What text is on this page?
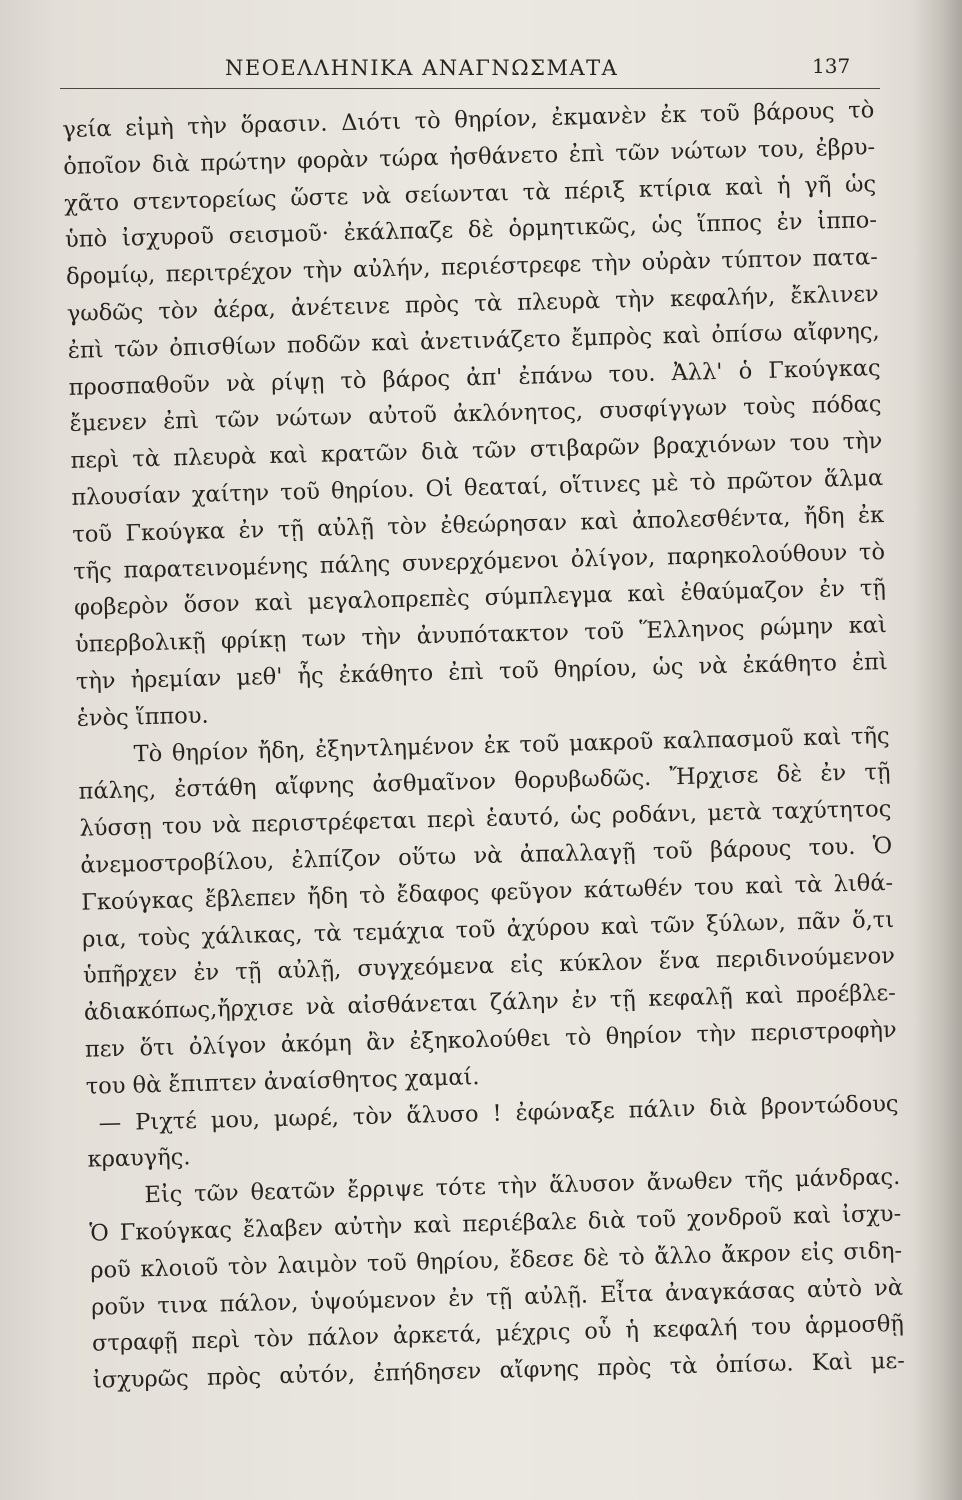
ΝΕΟΕΛΛΗΝΙΚΑ ΑΝΑΓΝΩΣΜΑΤΑ	137
γεία εἰμὴ τὴν ὅρασιν. Διότι τὸ θηρίον, ἐκμανὲν ἐκ τοῦ βάρους τὸ
ὁποῖον διὰ πρώτην φορὰν τώρα ἠσθάνετο ἐπὶ τῶν νώτων του, ἐβρυ-
χᾶτο στεντορείως ὥστε νὰ σείωνται τὰ πέριξ κτίρια καὶ ἡ γῆ ὡς
ὑπὸ ἰσχυροῦ σεισμοῦ· ἐκάλπαζε δὲ ὁρμητικῶς, ὡς ἵππος ἐν ἱππο-
δρομίῳ, περιτρέχον τὴν αὐλήν, περιέστρεφε τὴν οὐρὰν τύπτον πατα-
γωδῶς τὸν ἀέρα, ἀνέτεινε πρὸς τὰ πλευρὰ τὴν κεφαλήν, ἔκλινεν
ἐπὶ τῶν ὀπισθίων ποδῶν καὶ ἀνετινάζετο ἔμπρὸς καὶ ὀπίσω αἴφνης,
προσπαθοῦν νὰ ρίψῃ τὸ βάρος ἀπ' ἐπάνω του. Ἀλλ' ὁ Γκούγκας
ἔμενεν ἐπὶ τῶν νώτων αὐτοῦ ἀκλόνητος, συσφίγγων τοὺς πόδας
περὶ τὰ πλευρὰ καὶ κρατῶν διὰ τῶν στιβαρῶν βραχιόνων του τὴν
πλουσίαν χαίτην τοῦ θηρίου. Οἱ θεαταί, οἵτινες μὲ τὸ πρῶτον ἅλμα
τοῦ Γκούγκα ἐν τῇ αὐλῇ τὸν ἐθεώρησαν καὶ ἀπολεσθέντα, ἤδη ἐκ
τῆς παρατεινομένης πάλης συνερχόμενοι ὀλίγον, παρηκολούθουν τὸ
φοβερὸν ὅσον καὶ μεγαλοπρεπὲς σύμπλεγμα καὶ ἐθαύμαζον ἐν τῇ
ὑπερβολικῇ φρίκῃ των τὴν ἀνυπότακτον τοῦ Ἕλληνος ρώμην καὶ
τὴν ἠρεμίαν μεθ' ἧς ἐκάθητο ἐπὶ τοῦ θηρίου, ὡς νὰ ἐκάθητο ἐπὶ
ἑνὸς ἵππου.
Τὸ θηρίον ἤδη, ἐξηντλημένον ἐκ τοῦ μακροῦ καλπασμοῦ καὶ τῆς
πάλης, ἐστάθη αἴφνης ἀσθμαῖνον θορυβωδῶς. Ἤρχισε δὲ ἐν τῇ
λύσσῃ του νὰ περιστρέφεται περὶ ἑαυτό, ὡς ροδάνι, μετὰ ταχύτητος
ἀνεμοστροβίλου, ἐλπίζον οὕτω νὰ ἀπαλλαγῇ τοῦ βάρους του. Ὁ
Γκούγκας ἔβλεπεν ἤδη τὸ ἔδαφος φεῦγον κάτωθέν του καὶ τὰ λιθά-
ρια, τοὺς χάλικας, τὰ τεμάχια τοῦ ἀχύρου καὶ τῶν ξύλων, πᾶν ὅ,τι
ὑπῆρχεν ἐν τῇ αὐλῇ, συγχεόμενα εἰς κύκλον ἕνα περιδινούμενον
ἀδιακόπως,ἤρχισε νὰ αἰσθάνεται ζάλην ἐν τῇ κεφαλῇ καὶ προέβλε-
πεν ὅτι ὀλίγον ἀκόμη ἂν ἐξηκολούθει τὸ θηρίον τὴν περιστροφὴν
του θὰ ἔπιπτεν ἀναίσθητος χαμαί.
— Ριχτέ μου, μωρέ, τὸν ἅλυσο ! ἐφώναξε πάλιν διὰ βροντώδους
κραυγῆς.
Εἰς τῶν θεατῶν ἔρριψε τότε τὴν ἅλυσον ἄνωθεν τῆς μάνδρας.
Ὁ Γκούγκας ἔλαβεν αὐτὴν καὶ περιέβαλε διὰ τοῦ χονδροῦ καὶ ἰσχυ-
ροῦ κλοιοῦ τὸν λαιμὸν τοῦ θηρίου, ἔδεσε δὲ τὸ ἄλλο ἄκρον εἰς σιδη-
ροῦν τινα πάλον, ὑψούμενον ἐν τῇ αὐλῇ. Εἶτα ἀναγκάσας αὐτὸ νὰ
στραφῇ περὶ τὸν πάλον ἀρκετά, μέχρις οὗ ἡ κεφαλή του ἁρμοσθῇ
ἰσχυρῶς πρὸς αὐτόν, ἐπήδησεν αἴφνης πρὸς τὰ ὀπίσω. Καὶ με-
